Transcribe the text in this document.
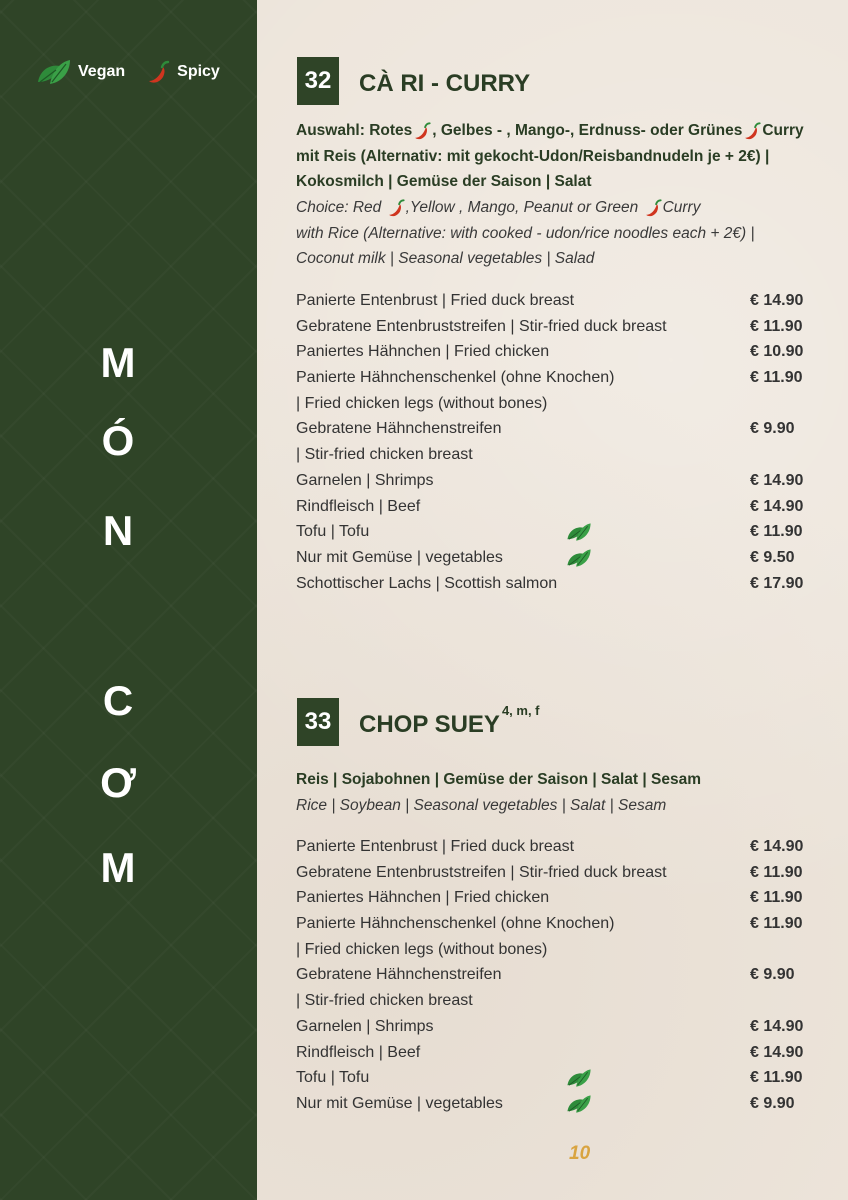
Vegan	Spicy
M
Ó
N
C
Ơ
M
32	CÀ RI - CURRY
Auswahl: Rotes , Gelbes - , Mango-, Erdnuss- oder Grünes Curry
mit Reis (Alternativ: mit gekocht-Udon/Reisbandnudeln je + 2€) |
Kokosmilch | Gemüse der Saison | Salat
Choice: Red ,Yellow , Mango, Peanut or Green Curry
with Rice (Alternative: with cooked - udon/rice noodles each + 2€) |
Coconut milk | Seasonal vegetables | Salad
Panierte Entenbrust | Fried duck breast	€ 14.90
Gebratene Entenbruststreifen | Stir-fried duck breast	€ 11.90
Paniertes Hähnchen | Fried chicken	€ 10.90
Panierte Hähnchenschenkel (ohne Knochen)	€ 11.90
| Fried chicken legs (without bones)
Gebratene Hähnchenstreifen	€ 9.90
| Stir-fried chicken breast
Garnelen | Shrimps	€ 14.90
Rindfleisch | Beef	€ 14.90
Tofu | Tofu	€ 11.90
Nur mit Gemüse | vegetables	€ 9.50
Schottischer Lachs | Scottish salmon	€ 17.90
33	CHOP SUEY$^{4, m, f}$
Reis | Sojabohnen | Gemüse der Saison | Salat | Sesam
Rice | Soybean | Seasonal vegetables | Salat | Sesam
Panierte Entenbrust | Fried duck breast	€ 14.90
Gebratene Entenbruststreifen | Stir-fried duck breast	€ 11.90
Paniertes Hähnchen | Fried chicken	€ 11.90
Panierte Hähnchenschenkel (ohne Knochen)	€ 11.90
| Fried chicken legs (without bones)
Gebratene Hähnchenstreifen	€ 9.90
| Stir-fried chicken breast
Garnelen | Shrimps	€ 14.90
Rindfleisch | Beef	€ 14.90
Tofu | Tofu	€ 11.90
Nur mit Gemüse | vegetables	€ 9.90
10
